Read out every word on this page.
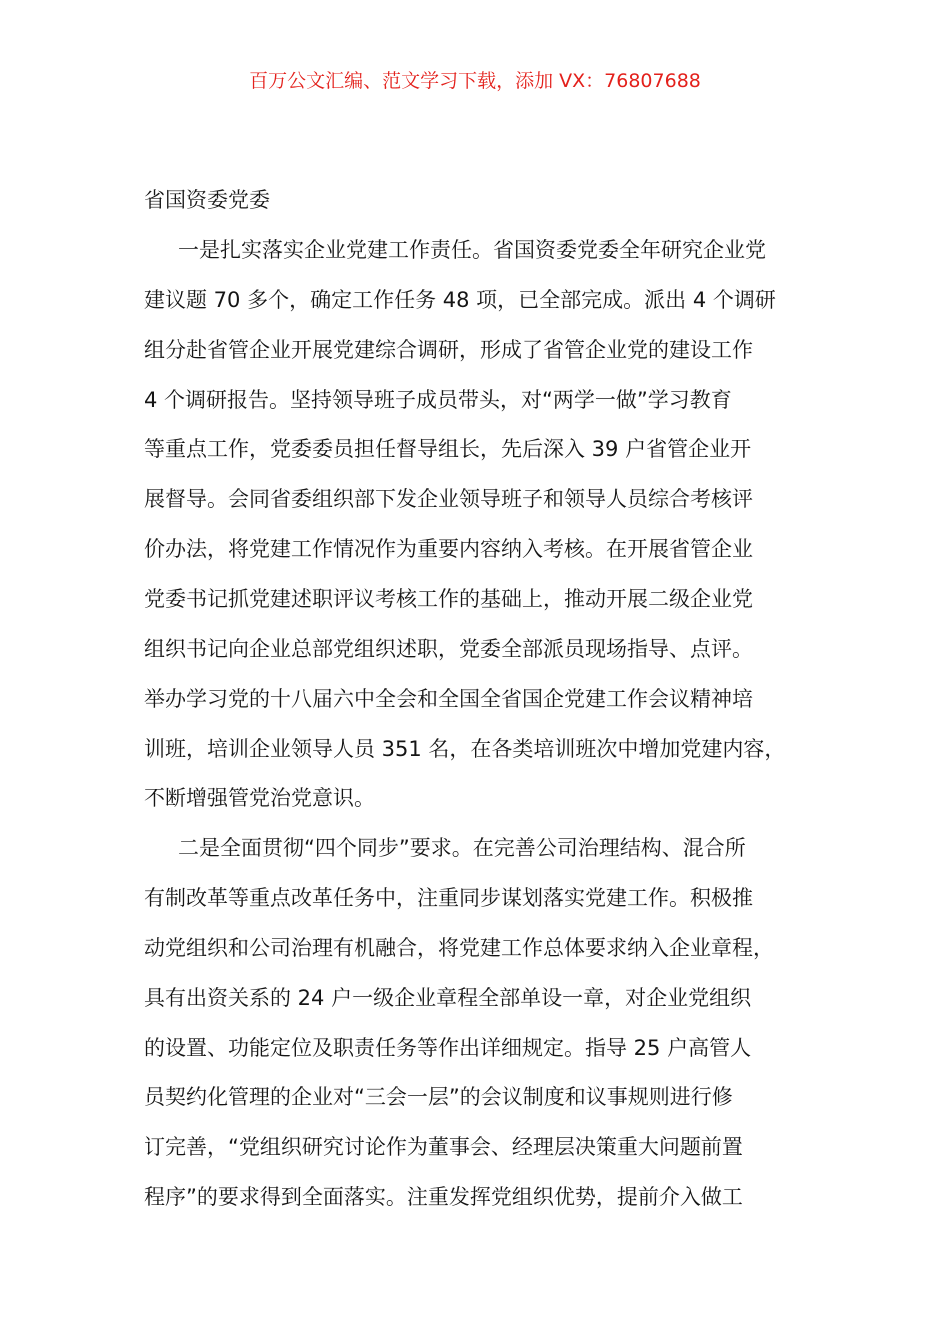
百万公文汇编、范文学习下载，添加 VX：76807688
省国资委党委
一是扎实落实企业党建工作责任。省国资委党委全年研究企业党
建议题 70 多个，确定工作任务 48 项，已全部完成。派出 4 个调研
组分赴省管企业开展党建综合调研，形成了省管企业党的建设工作
4 个调研报告。坚持领导班子成员带头，对“两学一做”学习教育
等重点工作，党委委员担任督导组长，先后深入 39 户省管企业开
展督导。会同省委组织部下发企业领导班子和领导人员综合考核评
价办法，将党建工作情况作为重要内容纳入考核。在开展省管企业
党委书记抓党建述职评议考核工作的基础上，推动开展二级企业党
组织书记向企业总部党组织述职，党委全部派员现场指导、点评。
举办学习党的十八届六中全会和全国全省国企党建工作会议精神培
训班，培训企业领导人员 351 名，在各类培训班次中增加党建内容，
不断增强管党治党意识。
二是全面贯彻“四个同步”要求。在完善公司治理结构、混合所
有制改革等重点改革任务中，注重同步谋划落实党建工作。积极推
动党组织和公司治理有机融合，将党建工作总体要求纳入企业章程，
具有出资关系的 24 户一级企业章程全部单设一章，对企业党组织
的设置、功能定位及职责任务等作出详细规定。指导 25 户高管人
员契约化管理的企业对“三会一层”的会议制度和议事规则进行修
订完善，“党组织研究讨论作为董事会、经理层决策重大问题前置
程序”的要求得到全面落实。注重发挥党组织优势，提前介入做工
